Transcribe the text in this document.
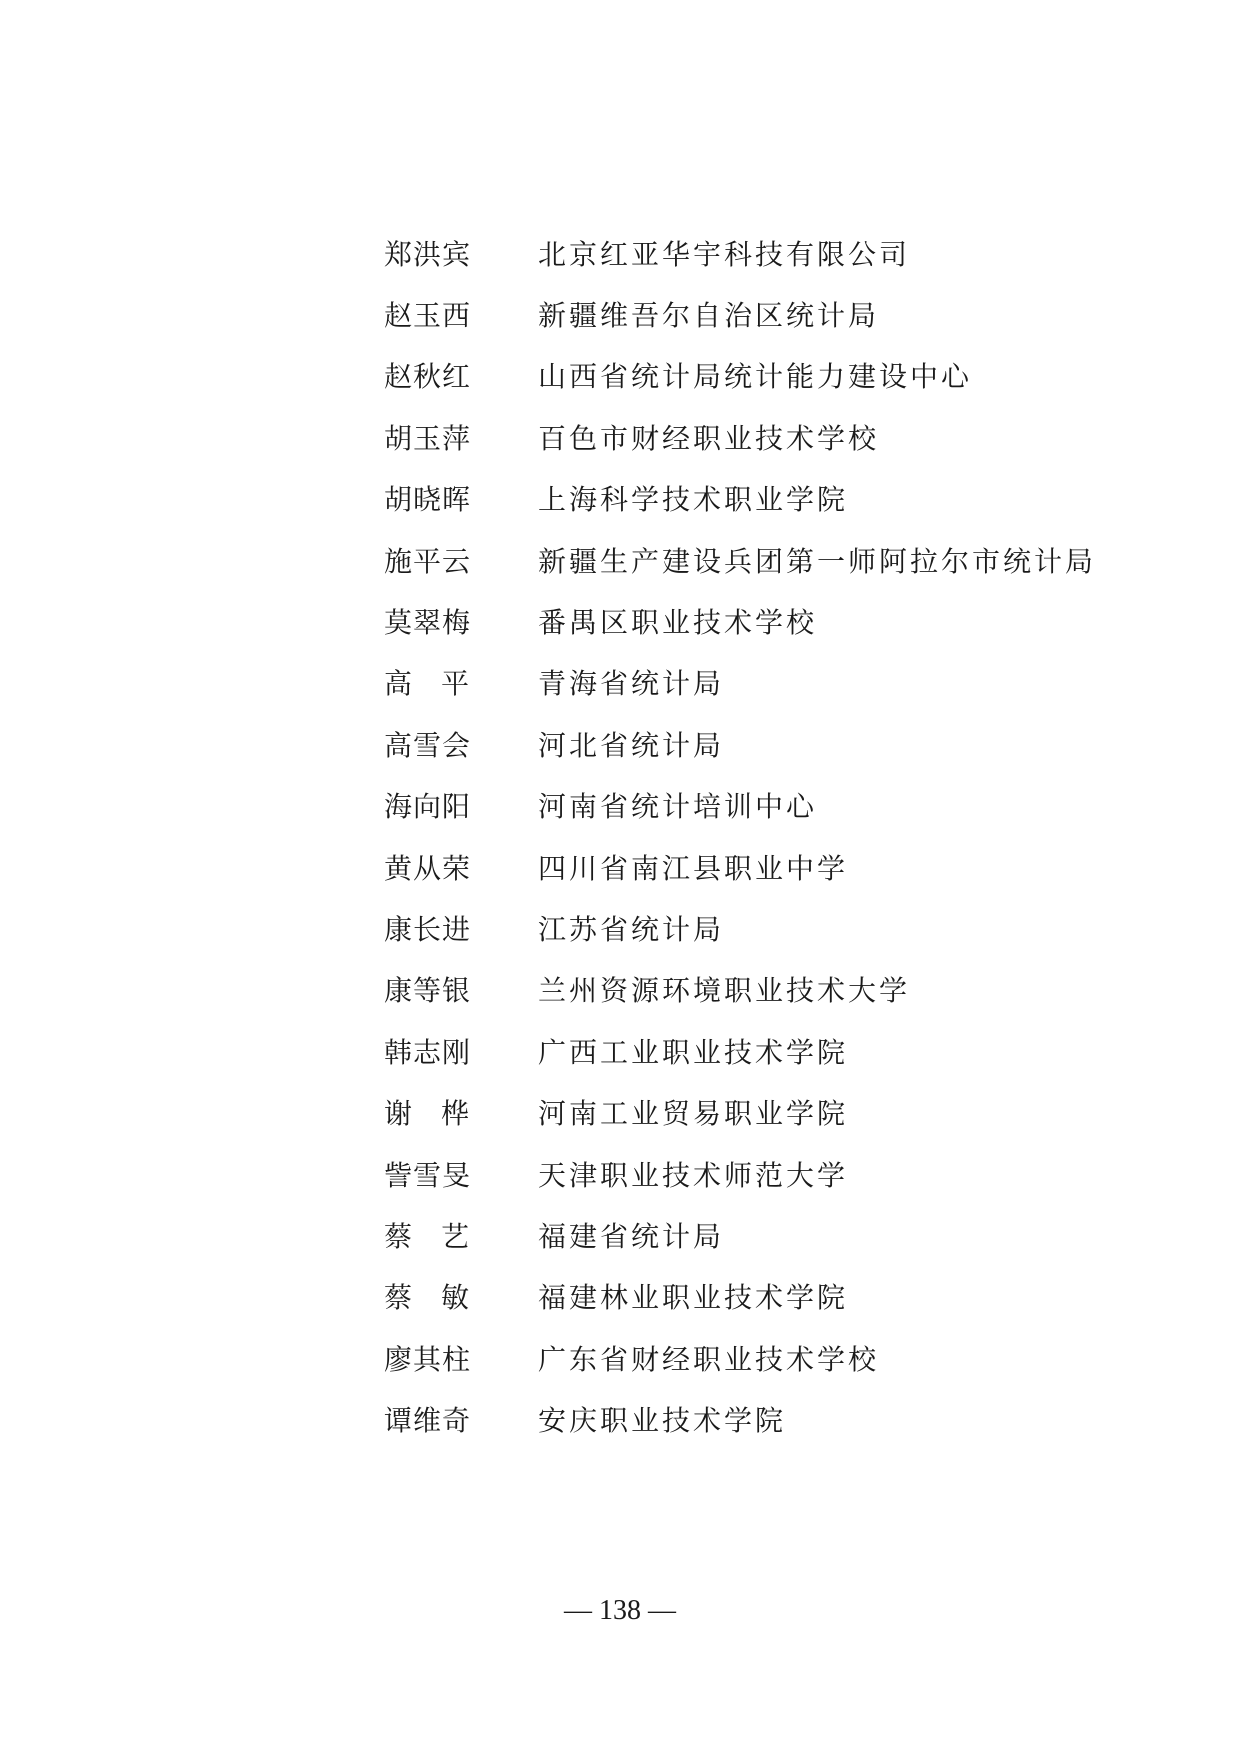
郑洪宾 北京红亚华宇科技有限公司
赵玉西 新疆维吾尔自治区统计局
赵秋红 山西省统计局统计能力建设中心
胡玉萍 百色市财经职业技术学校
胡晓晖 上海科学技术职业学院
施平云 新疆生产建设兵团第一师阿拉尔市统计局
莫翠梅 番禺区职业技术学校
高平 青海省统计局
高雪会 河北省统计局
海向阳 河南省统计培训中心
黄从荣 四川省南江县职业中学
康长进 江苏省统计局
康等银 兰州资源环境职业技术大学
韩志刚 广西工业职业技术学院
谢桦 河南工业贸易职业学院
訾雪旻 天津职业技术师范大学
蔡艺 福建省统计局
蔡敏 福建林业职业技术学院
廖其柱 广东省财经职业技术学校
谭维奇 安庆职业技术学院
— 138 —
